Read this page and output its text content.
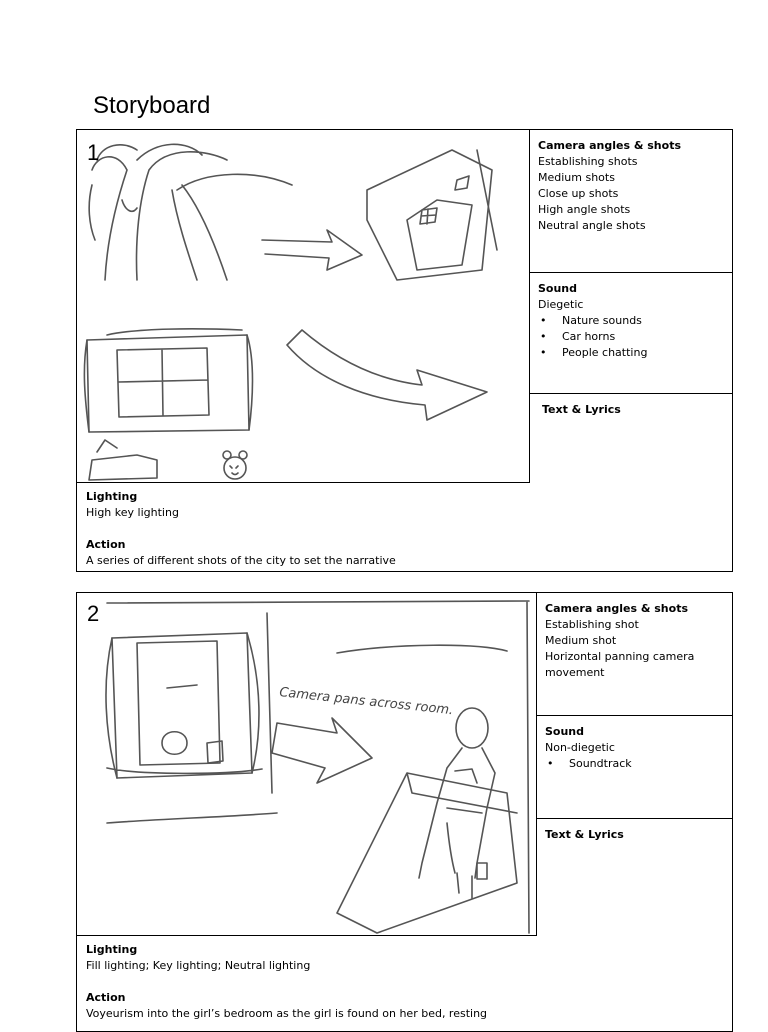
Storyboard
1	Camera angles & shots
Establishing shots
Medium shots
Close up shots
High angle shots
Neutral angle shots
Sound
Diegetic
• Nature sounds
• Car horns
• People chatting
Text & Lyrics
Lighting
High key lighting
Action
A series of different shots of the city to set the narrative
Camera pans across room.
2	Camera angles & shots
Establishing shot
Medium shot
Horizontal panning camera
movement
Sound
Non-diegetic
• Soundtrack
Text & Lyrics
Lighting
Fill lighting; Key lighting; Neutral lighting
Action
Voyeurism into the girl’s bedroom as the girl is found on her bed, resting
